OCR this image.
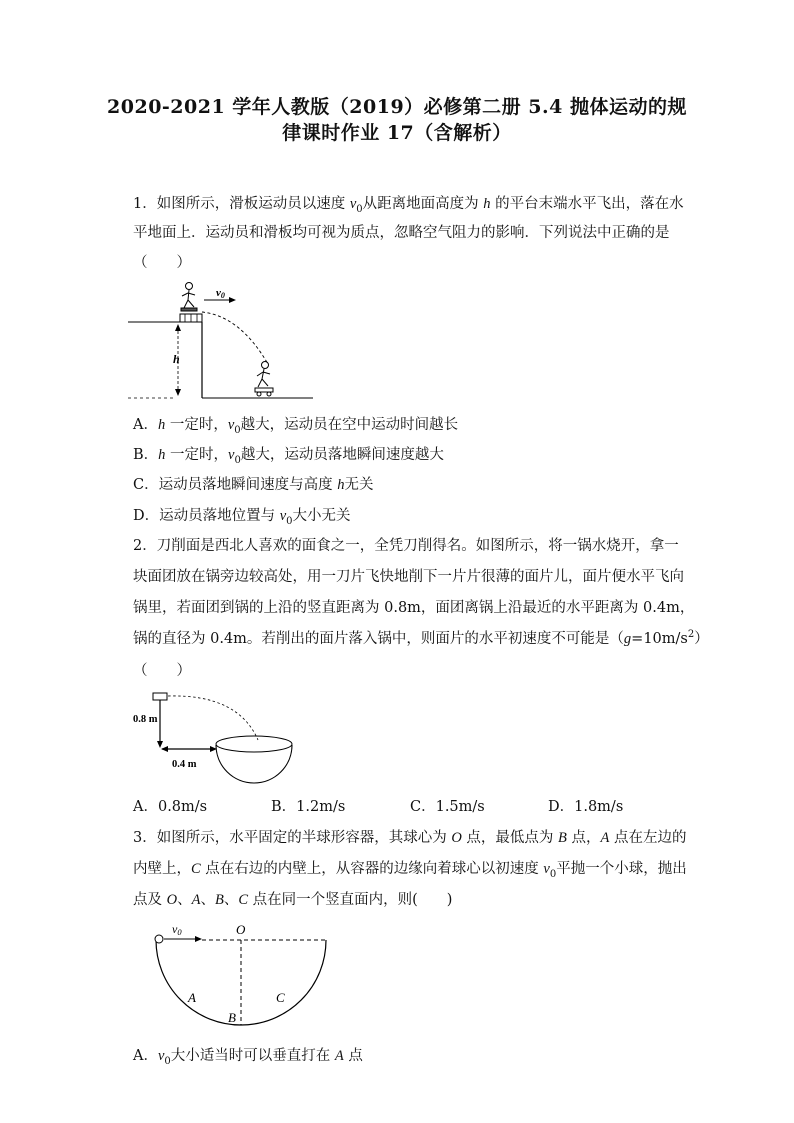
2020-2021 学年人教版（2019）必修第二册 5.4 抛体运动的规
律课时作业 17（含解析）
1．如图所示，滑板运动员以速度 $v_0$从距离地面高度为 h 的平台末端水平飞出，落在水
平地面上．运动员和滑板均可视为质点，忽略空气阻力的影响．下列说法中正确的是
（　　）
h
v0
A．h 一定时，$v_0$越大，运动员在空中运动时间越长
B．h 一定时，$v_0$越大，运动员落地瞬间速度越大
C．运动员落地瞬间速度与高度 h无关
D．运动员落地位置与 $v_0$大小无关
2．刀削面是西北人喜欢的面食之一，全凭刀削得名。如图所示，将一锅水烧开，拿一
块面团放在锅旁边较高处，用一刀片飞快地削下一片片很薄的面片儿，面片便水平飞向
锅里，若面团到锅的上沿的竖直距离为 0.8m，面团离锅上沿最近的水平距离为 0.4m，
锅的直径为 0.4m。若削出的面片落入锅中，则面片的水平初速度不可能是$(g=10m/s^2)$
（　　）
0.8 m
0.4 m
A．0.8m/s	B．1.2m/s	C．1.5m/s	D．1.8m/s
3．如图所示，水平固定的半球形容器，其球心为 O 点，最低点为 B 点，A 点在左边的
内壁上，C 点在右边的内壁上，从容器的边缘向着球心以初速度 $v_0$平抛一个小球，抛出
点及 O、A、B、C 点在同一个竖直面内，则(　　)
v0	O
A
B
C
A．$v_0$大小适当时可以垂直打在 A 点
